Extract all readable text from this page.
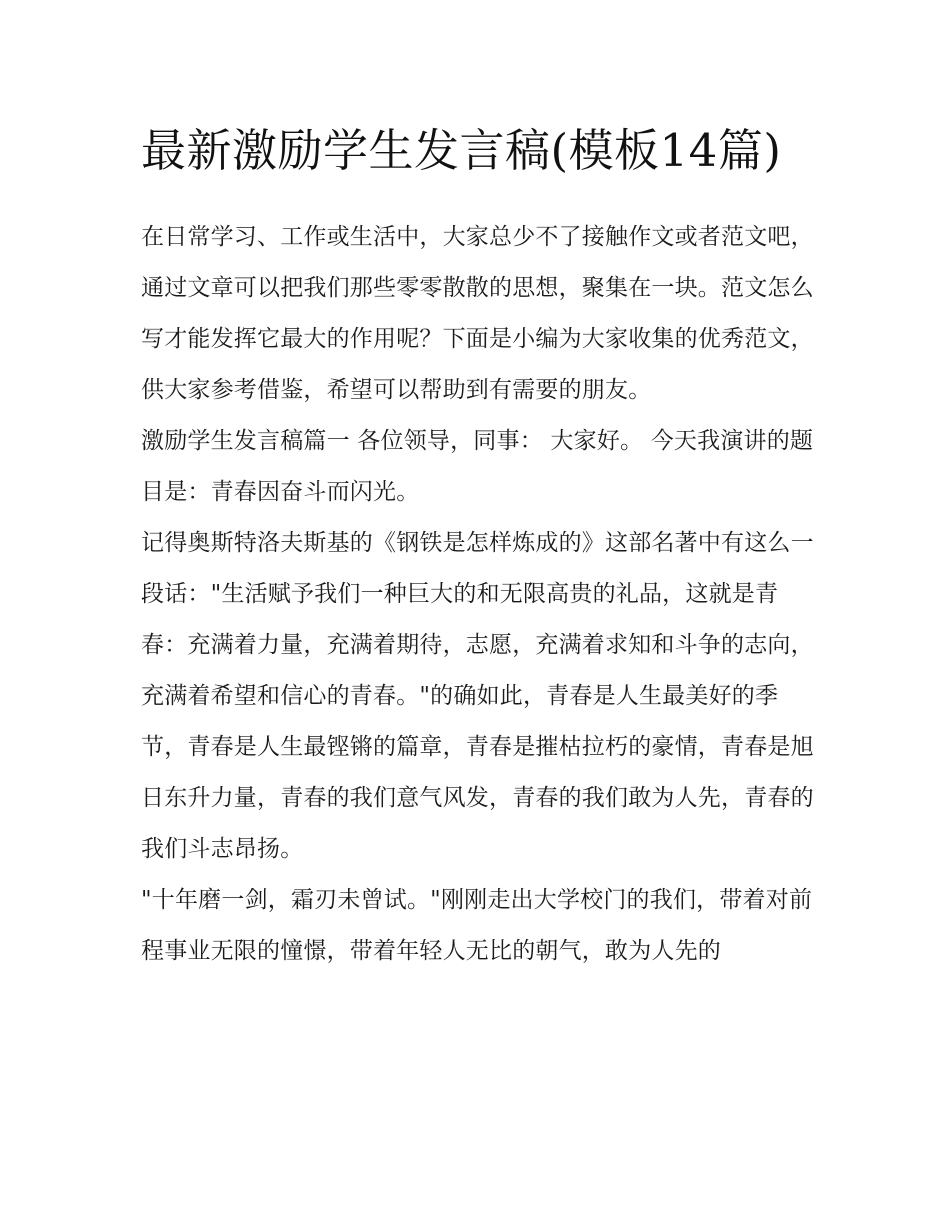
最新激励学生发言稿(模板14篇)

在日常学习、工作或生活中，大家总少不了接触作文或者范文吧，通过文章可以把我们那些零零散散的思想，聚集在一块。范文怎么写才能发挥它最大的作用呢？下面是小编为大家收集的优秀范文，供大家参考借鉴，希望可以帮助到有需要的朋友。

激励学生发言稿篇一 各位领导，同事： 大家好。 今天我演讲的题目是：青春因奋斗而闪光。

记得奥斯特洛夫斯基的《钢铁是怎样炼成的》这部名著中有这么一段话："生活赋予我们一种巨大的和无限高贵的礼品，这就是青春：充满着力量，充满着期待，志愿，充满着求知和斗争的志向，充满着希望和信心的青春。"的确如此，青春是人生最美好的季节，青春是人生最铿锵的篇章，青春是摧枯拉朽的豪情，青春是旭日东升力量，青春的我们意气风发，青春的我们敢为人先，青春的我们斗志昂扬。

"十年磨一剑，霜刃未曾试。"刚刚走出大学校门的我们，带着对前程事业无限的憧憬，带着年轻人无比的朝气，敢为人先的
